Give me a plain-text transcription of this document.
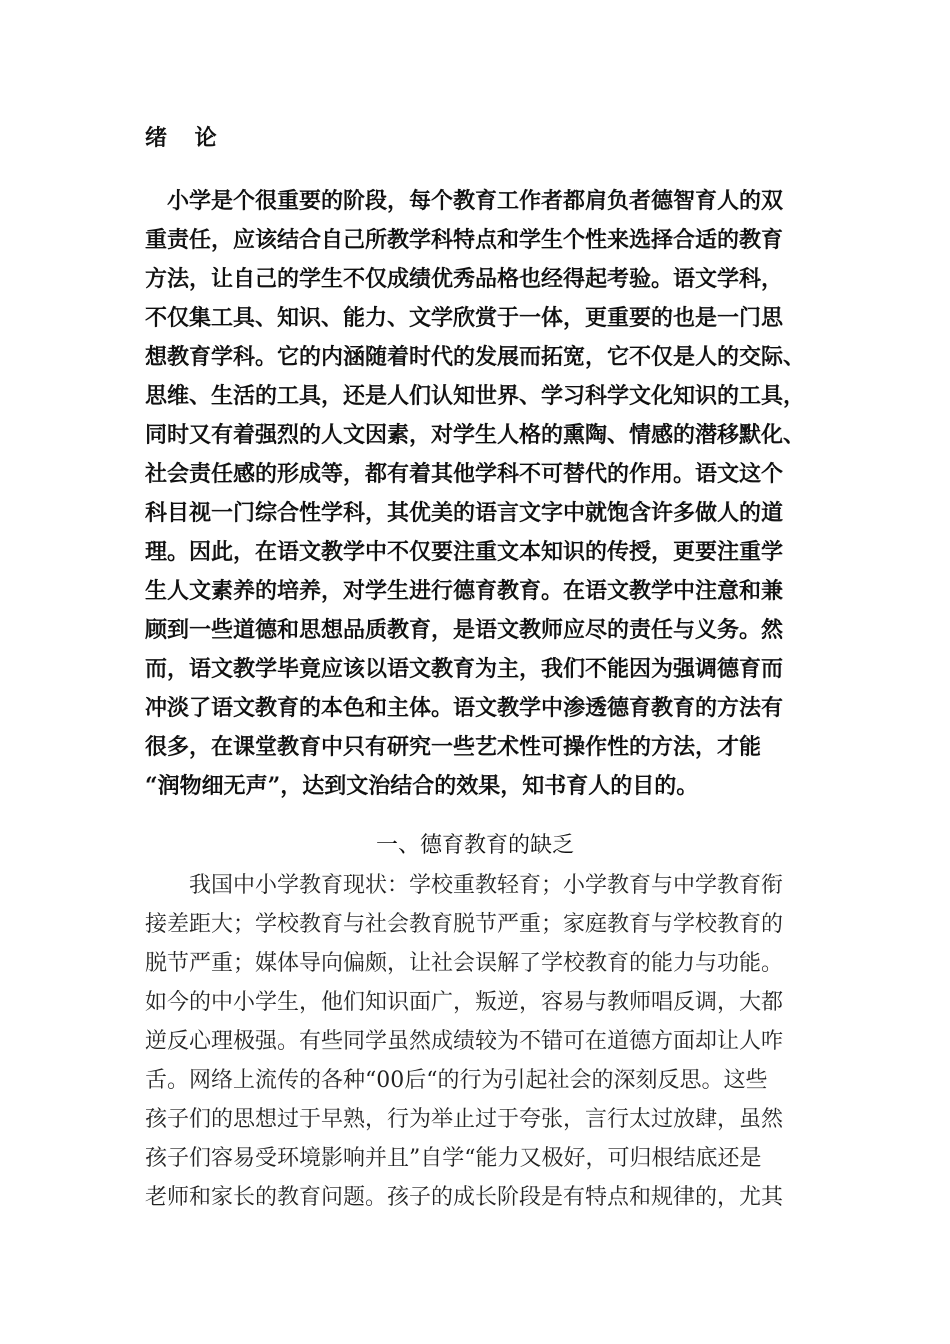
绪 论

　小学是个很重要的阶段，每个教育工作者都肩负者德智育人的双
重责任，应该结合自己所教学科特点和学生个性来选择合适的教育
方法，让自己的学生不仅成绩优秀品格也经得起考验。语文学科，
不仅集工具、知识、能力、文学欣赏于一体，更重要的也是一门思
想教育学科。它的内涵随着时代的发展而拓宽，它不仅是人的交际、
思维、生活的工具，还是人们认知世界、学习科学文化知识的工具，
同时又有着强烈的人文因素，对学生人格的熏陶、情感的潜移默化、
社会责任感的形成等，都有着其他学科不可替代的作用。语文这个
科目视一门综合性学科，其优美的语言文字中就饱含许多做人的道
理。因此，在语文教学中不仅要注重文本知识的传授，更要注重学
生人文素养的培养，对学生进行德育教育。在语文教学中注意和兼
顾到一些道德和思想品质教育，是语文教师应尽的责任与义务。然
而，语文教学毕竟应该以语文教育为主，我们不能因为强调德育而
冲淡了语文教育的本色和主体。语文教学中渗透德育教育的方法有
很多，在课堂教育中只有研究一些艺术性可操作性的方法，才能
“润物细无声”，达到文治结合的效果，知书育人的目的。

一、德育教育的缺乏

　　我国中小学教育现状：学校重教轻育；小学教育与中学教育衔
接差距大；学校教育与社会教育脱节严重；家庭教育与学校教育的
脱节严重；媒体导向偏颇，让社会误解了学校教育的能力与功能。
如今的中小学生，他们知识面广，叛逆，容易与教师唱反调，大都
逆反心理极强。有些同学虽然成绩较为不错可在道德方面却让人咋
舌。网络上流传的各种“00后“的行为引起社会的深刻反思。这些
孩子们的思想过于早熟，行为举止过于夸张，言行太过放肆，虽然
孩子们容易受环境影响并且”自学“能力又极好，可归根结底还是
老师和家长的教育问题。孩子的成长阶段是有特点和规律的，尤其
